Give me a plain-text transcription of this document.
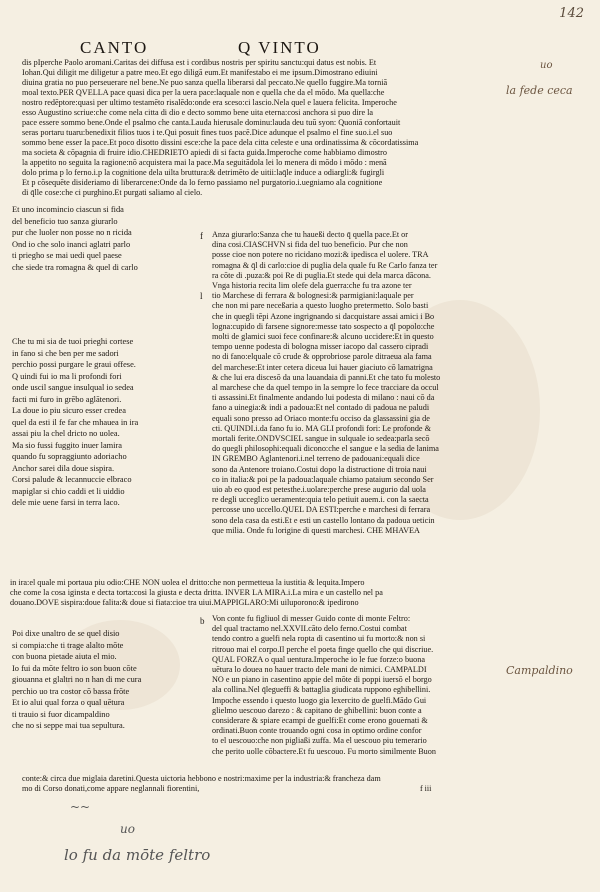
142
CANTO	Q VINTO
dis pIperche Paolo aromani.Caritas dei diffusa est i cordibus nostris per spiritu sanctu:qui datus est nobis. Et
Iohan.Qui diligit me diligetur a patre meo.Et ego diligā eum.Et manifestabo ei me ipsum.Dimostrano ediuini
diuina gratia no puo perseuerare nel bene.Ne puo sanza quella liberarsi dal peccato.Ne quello fuggire.Ma torniā
moal texto.PER QVELLA pace quasi dica per la uera pace:laquale non e quella che da el mōdo. Ma quella:che
nostro redēptore:quasi per ultimo testamēto risalēdo:onde era sceso:ci lascio.Nela quel e lauera felicita. Imperoche
esso Augustino scriue:che come nela citta di dio e decto sommo bene uita eterna:cosi anchora si puo dire la
pace essere sommo bene.Onde el psalmo che canta.Lauda hierusale dominu:lauda deu tuū syon: Quoniā confortauit
seras portaru tuaru:benedixit filios tuos i te.Qui posuit fines tuos pacē.Dice adunque el psalmo el fine suo.i.el suo
sommo bene esser la pace.Et poco disotto dissini esce:che la pace dela citta celeste e una ordinatissima & cōcordatissima
ma societa & cōpagnia di fruire idio.CHEDRIETO apiedi di si facta guida.Imperoche come habbiamo dimostro
la appetito no seguita la ragione:nō acquistera mai la pace.Ma seguitādola lei lo menera di mōdo i mōdo : menā
dolo prima p lo ferno.i.p la cognitione dela uilta bruttura:& detrimēto de uitii:laq̄le induce a odiargli:& fugirgli
Et p cōsequēte disideriamo di liberarcene:Onde da lo ferno passiamo nel purgatorio.i.uegniamo ala cognitione
di q̄lle cose:che ci purghino.Et purgati saliamo al cielo.
Et uno incomincio ciascun si fida
del beneficio tuo sanza giurarlo
pur che luoler non posse no n ricida
Ond io che solo inanci aglatri parlo
ti priegho se mai uedi quel paese
che siede tra romagna & quel di carlo
f Anza giurarlo:Sanza che tu haueßi decto q̄ quella pace.Et or
dina cosi.CIASCHVN si fida del tuo beneficio. Pur che non
posse cioe non potere no ricidano mozi:& ipedisca el uolere. TRA
romagna & q̄l di carlo:cioe di puglia dela quale fu Re Carlo fanza ter
ra cōte di .puza:& poi Re di puglia.Et stede qui dela marca dācona.
Vnga historia recita lim olefe dela guerra:che fu tra azone ter
tio Marchese di ferrara & bolognesi:& parmigiani:laquale per
che non mi pare neceßaria a questo luogho pretermetto. Solo basti
che in quegli tēpi Azone ingrignando si dacquistare assai amici i Bo
logna:cupido di farsene signore:messe tato sospecto a q̄l popolo:che
molti de glamici suoi fece confinare:& alcuno uccidere:Et in questo
tempo uenne podesta di bologna misser iacopo dal cassero cipradi
no di fano:elquale cō crude & opprobriose parole ditraeua ala fama
del marchese:Et inter cetera diceua lui hauer giaciuto cō lamatrigna
& che lui era discesō da una lauandaia di panni.Et che tato fu molesto
al marchese che da quel tempo in la sempre lo fece tracciare da occul
ti assassini.Et finalmente andando lui podesta di milano : naui cō da
fano a uinegia:& indi a padoua:Et nel contado di padoua ne paludi
equali sono presso ad Oriaco monte:fu occiso da glassassini gia de
cti. QUINDI.i.da fano fu io. MA GLI profondi fori: Le profonde &
mortali ferite.ONDVSCIEL sangue in sulquale io sedea:parla secō
do quegli philosophi:equali dicono:che el sangue e la sedia de lanima
IN GREMBO Aglantenori.i.nel terreno de padouani:equali dice
sono da Antenore troiano.Costui dopo la distructione di troia naui
co in italia:& poi pe la padoua:laquale chiamo pataium secondo Ser
uio ab eo quod est petesthe.i.uolare:perche prese augurio dal uola
re degli uccegli:o ueramente:quia telo petiuit auem.i. con la saecta
percosse uno uccello.QUEL DA ESTI:perche e marchesi di ferrara
sono dela casa da esti.Et e esti un castello lontano da padoua ueticin
que milia. Onde fu lorigine di questi marchesi. CHE MHAVEA
l
Che tu mi sia de tuoi prieghi cortese
in fano si che ben per me sadori
perchio possi purgare le graui offese.
Q uindi fui io ma li profondi fori
onde uscil sangue insulqual io sedea
facti mi furo in grēbo aglātenori.
La doue io piu sicuro esser credea
quel da esti il fe far che mhauea in ira
assai piu la chel dricto no uolea.
Ma sio fussi fuggito inuer lamira
quando fu sopraggiunto adoriacho
Anchor sarei dila doue sispira.
Corsi palude & lecannuccie elbraco
mapiglar si chio caddi et li uiddio
dele mie uene farsi in terra laco.
in ira:el quale mi portaua piu odio:CHE NON uolea el dritto:che non permetteua la iustitia & lequita.Impero
che come la cosa iginsta e decta torta:cosi la giusta e decta dritta. INVER LA MIRA.i.La mira e un castello nel pa
douano.DOVE sispira:doue falita:& doue si fiata:cioe tra uiui.MAPPIGLARO:Mi uiluporono:& ipedirono
Poi dixe unaltro de se quel disio
si compia:che ti trage alalto mōte
con buona pietade aiuta el mio.
Io fui da mōte feltro io son buon cōte
giouanna et glaltri no n han di me cura
perchio uo tra costor cō bassa frōte
Et io alui qual forza o qual uētura
ti trauio si fuor dicampaldino
che no si seppe mai tua sepultura.
b Von conte fu figliuol di messer Guido conte di monte Feltro:
del qual tractamo nel.XXVII.cāto delo ferno.Costui combat
tendo contro a guelfi nela ropta di casentino ui fu morto:& non si
ritrouo mai el corpo.Il perche el poeta finge quello che qui discriue.
QUAL FORZA o qual uentura.Imperoche io le fue forze:o buona
uētura lo douea no hauer tracto dele mani de nimici. CAMPALDI
NO e un piano in casentino appie del mōte di poppi iuersō el borgo
ala collina.Nel q̄legueffi & battaglia giudicata ruppono eghibellini.
Impoche essendo i questo luogo gia lexercito de guelfi.Mādo Gui
glielmo uescouo darezo : & capitano de ghibellini: buon conte a
considerare & spiare ecampi de guelfi:Et come erono gouernati &
ordinati.Buon conte trouando ogni cosa in optimo ordine confor
to el uescouo:che non pigliaßi zuffa. Ma el uescouo piu temerario
che perito uolle cōbactere.Et fu uescouo. Fu morto similmente Buon
conte:& circa due miglaia daretini.Questa uictoria hebbono e nostri:maxime per la industria:& francheza dam
mo di Corso donati,come appare neglannali fiorentini,	f iii
uo
la fede ceca
Campaldino
~~
uo
lo fu da mōte feltro
